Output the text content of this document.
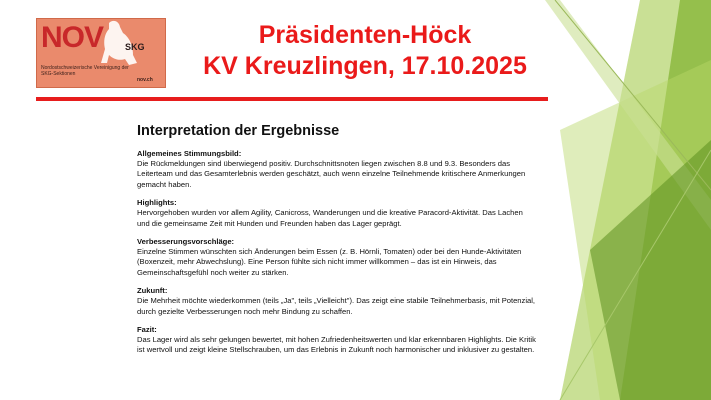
NOV SKG
Nordostschweizerische Vereinigung der SKG-Sektionen
nov.ch
Präsidenten-Höck
KV Kreuzlingen, 17.10.2025
Interpretation der Ergebnisse
Allgemeines Stimmungsbild:
Die Rückmeldungen sind überwiegend positiv. Durchschnittsnoten liegen zwischen 8.8 und 9.3. Besonders das Leiterteam und das Gesamterlebnis werden geschätzt, auch wenn einzelne Teilnehmende kritischere Anmerkungen gemacht haben.
Highlights:
Hervorgehoben wurden vor allem Agility, Canicross, Wanderungen und die kreative Paracord-Aktivität. Das Lachen und die gemeinsame Zeit mit Hunden und Freunden haben das Lager geprägt.
Verbesserungsvorschläge:
Einzelne Stimmen wünschten sich Änderungen beim Essen (z. B. Hörnli, Tomaten) oder bei den Hunde-Aktivitäten (Boxenzeit, mehr Abwechslung). Eine Person fühlte sich nicht immer willkommen – das ist ein Hinweis, das Gemeinschaftsgefühl noch weiter zu stärken.
Zukunft:
Die Mehrheit möchte wiederkommen (teils „Ja", teils „Vielleicht"). Das zeigt eine stabile Teilnehmerbasis, mit Potenzial, durch gezielte Verbesserungen noch mehr Bindung zu schaffen.
Fazit:
Das Lager wird als sehr gelungen bewertet, mit hohen Zufriedenheitswerten und klar erkennbaren Highlights. Die Kritik ist wertvoll und zeigt kleine Stellschrauben, um das Erlebnis in Zukunft noch harmonischer und inklusiver zu gestalten.
